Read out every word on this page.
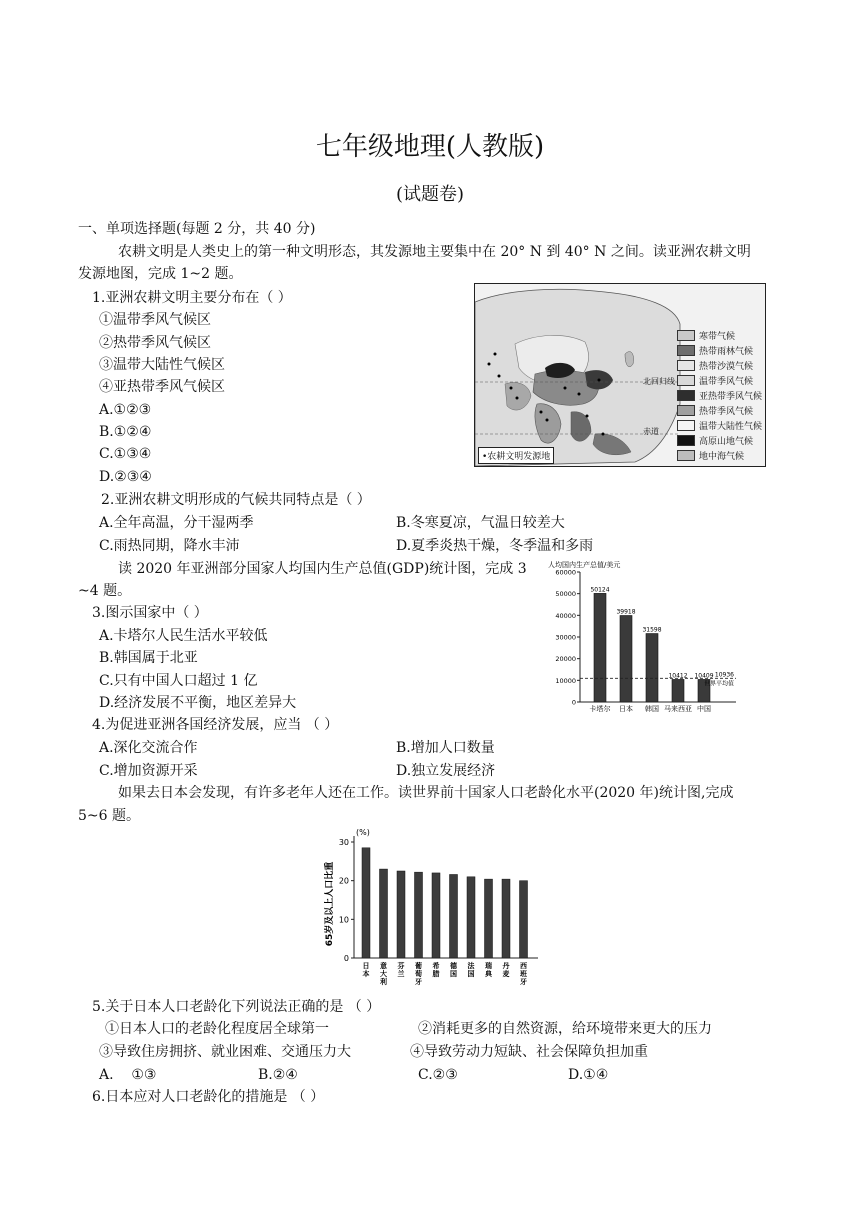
七年级地理(人教版)
(试题卷)
一、单项选择题(每题 2 分，共 40 分)
农耕文明是人类史上的第一种文明形态，其发源地主要集中在 20° N 到 40° N 之间。读亚洲农耕文明
发源地图，完成 1~2 题。
1.亚洲农耕文明主要分布在（ ）
①温带季风气候区
②热带季风气候区
③温带大陆性气候区
④亚热带季风气候区
A.①②③
B.①②④
C.①③④
D.②③④
北回归线
赤道
寒带气候
热带雨林气候
热带沙漠气候
温带季风气候
亚热带季风气候
热带季风气候
温带大陆性气候
高原山地气候
地中海气候
•农耕文明发源地
2.亚洲农耕文明形成的气候共同特点是（ ）
A.全年高温，分干湿两季	B.冬寒夏凉，气温日较差大
C.雨热同期，降水丰沛	D.夏季炎热干燥，冬季温和多雨
读 2020 年亚洲部分国家人均国内生产总值(GDP)统计图，完成 3
~4 题。
3.图示国家中（ ）
A.卡塔尔人民生活水平较低
B.韩国属于北亚
C.只有中国人口超过 1 亿
D.经济发展不平衡，地区差异大
人均国内生产总值/美元
0
10000
20000
30000
40000
50000
60000
50124
卡塔尔
39918
日本
31598
韩国
10412
马来西亚
10409
中国
10936
世界平均值
4.为促进亚洲各国经济发展，应当 （ ）
A.深化交流合作	B.增加人口数量
C.增加资源开采	D.独立发展经济
如果去日本会发现，有许多老年人还在工作。读世界前十国家人口老龄化水平(2020 年)统计图,完成
5~6 题。
(%)
65岁及以上人口比重
0
10
20
30
日本
意大利
芬兰
葡萄牙
希腊
德国
法国
瑞典
丹麦
西班牙
5.关于日本人口老龄化下列说法正确的是 （ ）
①日本人口的老龄化程度居全球第一	②消耗更多的自然资源，给环境带来更大的压力
③导致住房拥挤、就业困难、交通压力大	④导致劳动力短缺、社会保障负担加重
A.    ①③	B.②④	C.②③	D.①④
6.日本应对人口老龄化的措施是 （ ）
